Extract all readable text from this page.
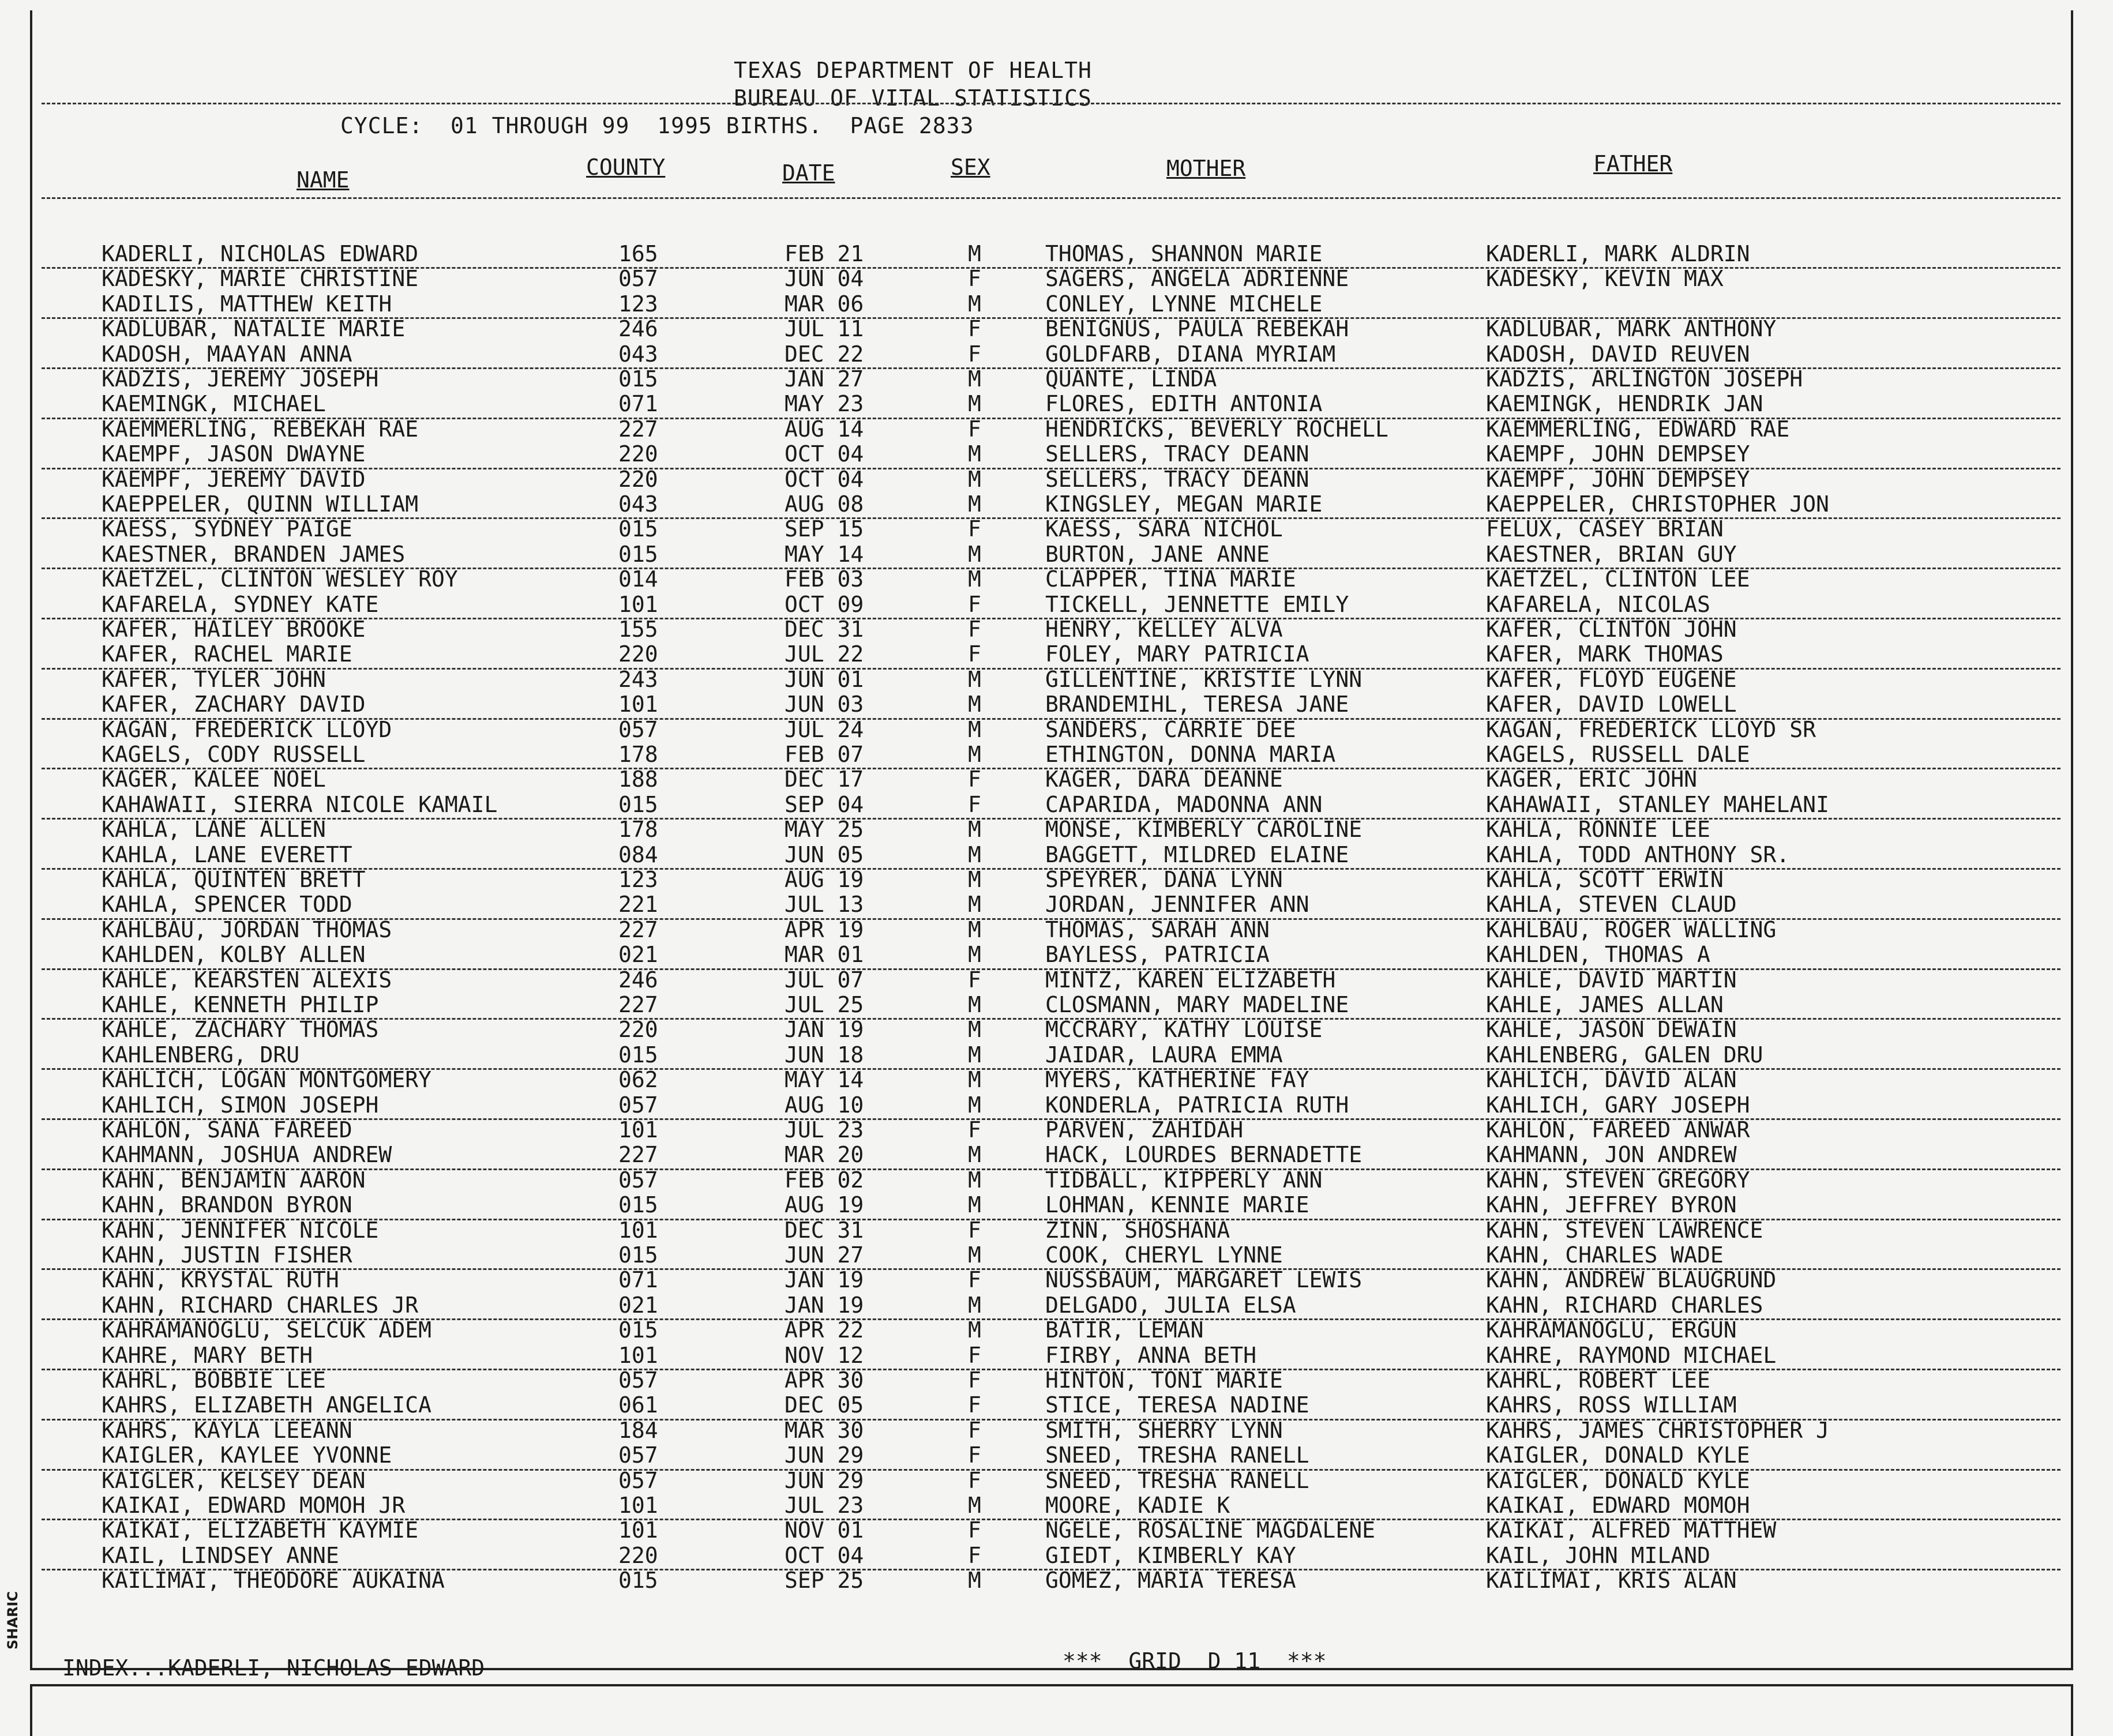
TEXAS DEPARTMENT OF HEALTH
BUREAU OF VITAL STATISTICS
CYCLE:  01 THROUGH 99  1995 BIRTHS.  PAGE 2833
NAME	COUNTY	DATE	SEX	MOTHER	FATHER
KADERLI, NICHOLAS EDWARD	165	FEB 21	M	THOMAS, SHANNON MARIE	KADERLI, MARK ALDRIN
KADESKY, MARIE CHRISTINE	057	JUN 04	F	SAGERS, ANGELA ADRIENNE	KADESKY, KEVIN MAX
KADILIS, MATTHEW KEITH	123	MAR 06	M	CONLEY, LYNNE MICHELE
KADLUBAR, NATALIE MARIE	246	JUL 11	F	BENIGNUS, PAULA REBEKAH	KADLUBAR, MARK ANTHONY
KADOSH, MAAYAN ANNA	043	DEC 22	F	GOLDFARB, DIANA MYRIAM	KADOSH, DAVID REUVEN
KADZIS, JEREMY JOSEPH	015	JAN 27	M	QUANTE, LINDA	KADZIS, ARLINGTON JOSEPH
KAEMINGK, MICHAEL	071	MAY 23	M	FLORES, EDITH ANTONIA	KAEMINGK, HENDRIK JAN
KAEMMERLING, REBEKAH RAE	227	AUG 14	F	HENDRICKS, BEVERLY ROCHELL	KAEMMERLING, EDWARD RAE
KAEMPF, JASON DWAYNE	220	OCT 04	M	SELLERS, TRACY DEANN	KAEMPF, JOHN DEMPSEY
KAEMPF, JEREMY DAVID	220	OCT 04	M	SELLERS, TRACY DEANN	KAEMPF, JOHN DEMPSEY
KAEPPELER, QUINN WILLIAM	043	AUG 08	M	KINGSLEY, MEGAN MARIE	KAEPPELER, CHRISTOPHER JON
KAESS, SYDNEY PAIGE	015	SEP 15	F	KAESS, SARA NICHOL	FELUX, CASEY BRIAN
KAESTNER, BRANDEN JAMES	015	MAY 14	M	BURTON, JANE ANNE	KAESTNER, BRIAN GUY
KAETZEL, CLINTON WESLEY ROY	014	FEB 03	M	CLAPPER, TINA MARIE	KAETZEL, CLINTON LEE
KAFARELA, SYDNEY KATE	101	OCT 09	F	TICKELL, JENNETTE EMILY	KAFARELA, NICOLAS
KAFER, HAILEY BROOKE	155	DEC 31	F	HENRY, KELLEY ALVA	KAFER, CLINTON JOHN
KAFER, RACHEL MARIE	220	JUL 22	F	FOLEY, MARY PATRICIA	KAFER, MARK THOMAS
KAFER, TYLER JOHN	243	JUN 01	M	GILLENTINE, KRISTIE LYNN	KAFER, FLOYD EUGENE
KAFER, ZACHARY DAVID	101	JUN 03	M	BRANDEMIHL, TERESA JANE	KAFER, DAVID LOWELL
KAGAN, FREDERICK LLOYD	057	JUL 24	M	SANDERS, CARRIE DEE	KAGAN, FREDERICK LLOYD SR
KAGELS, CODY RUSSELL	178	FEB 07	M	ETHINGTON, DONNA MARIA	KAGELS, RUSSELL DALE
KAGER, KALEE NOEL	188	DEC 17	F	KAGER, DARA DEANNE	KAGER, ERIC JOHN
KAHAWAII, SIERRA NICOLE KAMAIL	015	SEP 04	F	CAPARIDA, MADONNA ANN	KAHAWAII, STANLEY MAHELANI
KAHLA, LANE ALLEN	178	MAY 25	M	MONSE, KIMBERLY CAROLINE	KAHLA, RONNIE LEE
KAHLA, LANE EVERETT	084	JUN 05	M	BAGGETT, MILDRED ELAINE	KAHLA, TODD ANTHONY SR.
KAHLA, QUINTEN BRETT	123	AUG 19	M	SPEYRER, DANA LYNN	KAHLA, SCOTT ERWIN
KAHLA, SPENCER TODD	221	JUL 13	M	JORDAN, JENNIFER ANN	KAHLA, STEVEN CLAUD
KAHLBAU, JORDAN THOMAS	227	APR 19	M	THOMAS, SARAH ANN	KAHLBAU, ROGER WALLING
KAHLDEN, KOLBY ALLEN	021	MAR 01	M	BAYLESS, PATRICIA	KAHLDEN, THOMAS A
KAHLE, KEARSTEN ALEXIS	246	JUL 07	F	MINTZ, KAREN ELIZABETH	KAHLE, DAVID MARTIN
KAHLE, KENNETH PHILIP	227	JUL 25	M	CLOSMANN, MARY MADELINE	KAHLE, JAMES ALLAN
KAHLE, ZACHARY THOMAS	220	JAN 19	M	MCCRARY, KATHY LOUISE	KAHLE, JASON DEWAIN
KAHLENBERG, DRU	015	JUN 18	M	JAIDAR, LAURA EMMA	KAHLENBERG, GALEN DRU
KAHLICH, LOGAN MONTGOMERY	062	MAY 14	M	MYERS, KATHERINE FAY	KAHLICH, DAVID ALAN
KAHLICH, SIMON JOSEPH	057	AUG 10	M	KONDERLA, PATRICIA RUTH	KAHLICH, GARY JOSEPH
KAHLON, SANA FAREED	101	JUL 23	F	PARVEN, ZAHIDAH	KAHLON, FAREED ANWAR
KAHMANN, JOSHUA ANDREW	227	MAR 20	M	HACK, LOURDES BERNADETTE	KAHMANN, JON ANDREW
KAHN, BENJAMIN AARON	057	FEB 02	M	TIDBALL, KIPPERLY ANN	KAHN, STEVEN GREGORY
KAHN, BRANDON BYRON	015	AUG 19	M	LOHMAN, KENNIE MARIE	KAHN, JEFFREY BYRON
KAHN, JENNIFER NICOLE	101	DEC 31	F	ZINN, SHOSHANA	KAHN, STEVEN LAWRENCE
KAHN, JUSTIN FISHER	015	JUN 27	M	COOK, CHERYL LYNNE	KAHN, CHARLES WADE
KAHN, KRYSTAL RUTH	071	JAN 19	F	NUSSBAUM, MARGARET LEWIS	KAHN, ANDREW BLAUGRUND
KAHN, RICHARD CHARLES JR	021	JAN 19	M	DELGADO, JULIA ELSA	KAHN, RICHARD CHARLES
KAHRAMANOGLU, SELCUK ADEM	015	APR 22	M	BATIR, LEMAN	KAHRAMANOGLU, ERGUN
KAHRE, MARY BETH	101	NOV 12	F	FIRBY, ANNA BETH	KAHRE, RAYMOND MICHAEL
KAHRL, BOBBIE LEE	057	APR 30	F	HINTON, TONI MARIE	KAHRL, ROBERT LEE
KAHRS, ELIZABETH ANGELICA	061	DEC 05	F	STICE, TERESA NADINE	KAHRS, ROSS WILLIAM
KAHRS, KAYLA LEEANN	184	MAR 30	F	SMITH, SHERRY LYNN	KAHRS, JAMES CHRISTOPHER J
KAIGLER, KAYLEE YVONNE	057	JUN 29	F	SNEED, TRESHA RANELL	KAIGLER, DONALD KYLE
KAIGLER, KELSEY DEAN	057	JUN 29	F	SNEED, TRESHA RANELL	KAIGLER, DONALD KYLE
KAIKAI, EDWARD MOMOH JR	101	JUL 23	M	MOORE, KADIE K	KAIKAI, EDWARD MOMOH
KAIKAI, ELIZABETH KAYMIE	101	NOV 01	F	NGELE, ROSALINE MAGDALENE	KAIKAI, ALFRED MATTHEW
KAIL, LINDSEY ANNE	220	OCT 04	F	GIEDT, KIMBERLY KAY	KAIL, JOHN MILAND
KAILIMAI, THEODORE AUKAINA	015	SEP 25	M	GOMEZ, MARIA TERESA	KAILIMAI, KRIS ALAN
INDEX...KADERLI, NICHOLAS EDWARD	***  GRID  D 11  ***
SHARIC
